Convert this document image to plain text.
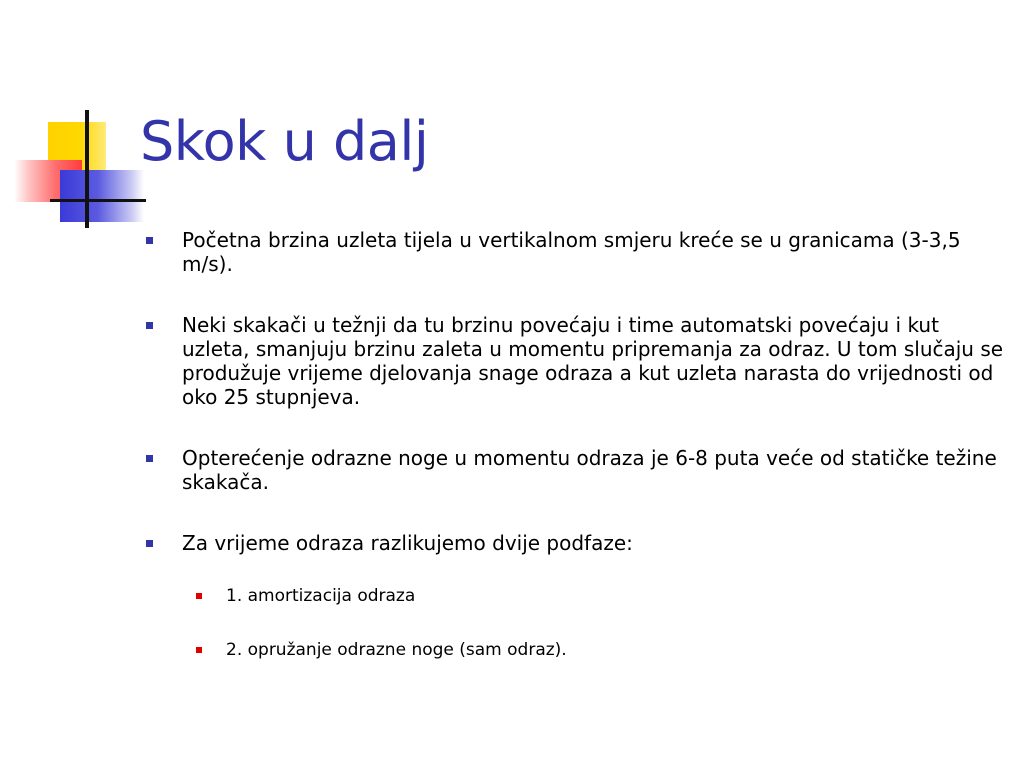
Skok u dalj
Početna brzina uzleta tijela u vertikalnom smjeru kreće se u granicama (3-3,5 m/s).
Neki skakači u težnji da tu brzinu povećaju i time automatski povećaju i kut uzleta, smanjuju brzinu zaleta u momentu pripremanja za odraz. U tom slučaju se produžuje vrijeme djelovanja snage odraza a kut uzleta narasta do vrijednosti od oko 25 stupnjeva.
Opterećenje odrazne noge u momentu odraza je 6-8 puta veće od statičke težine skakača.
Za vrijeme odraza razlikujemo dvije podfaze:
1. amortizacija odraza
2. opružanje odrazne noge (sam odraz).
